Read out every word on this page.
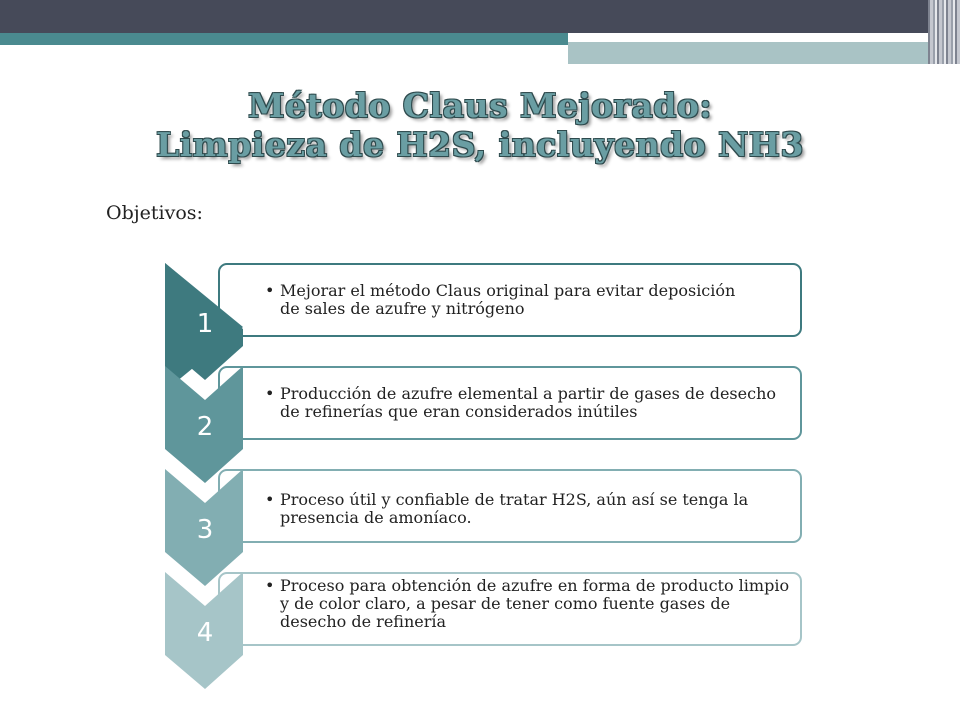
Método Claus Mejorado:
Limpieza de H2S, incluyendo NH3
Objetivos:
1
2
3
4
• Mejorar el método Claus original para evitar deposición de sales de azufre y nitrógeno
• Producción de azufre elemental a partir de gases de desecho de refinerías que eran considerados inútiles
• Proceso útil y confiable de tratar H2S, aún así se tenga la presencia de amoníaco.
• Proceso para obtención de azufre en forma de producto limpio y de color claro, a pesar de tener como fuente gases de desecho de refinería
